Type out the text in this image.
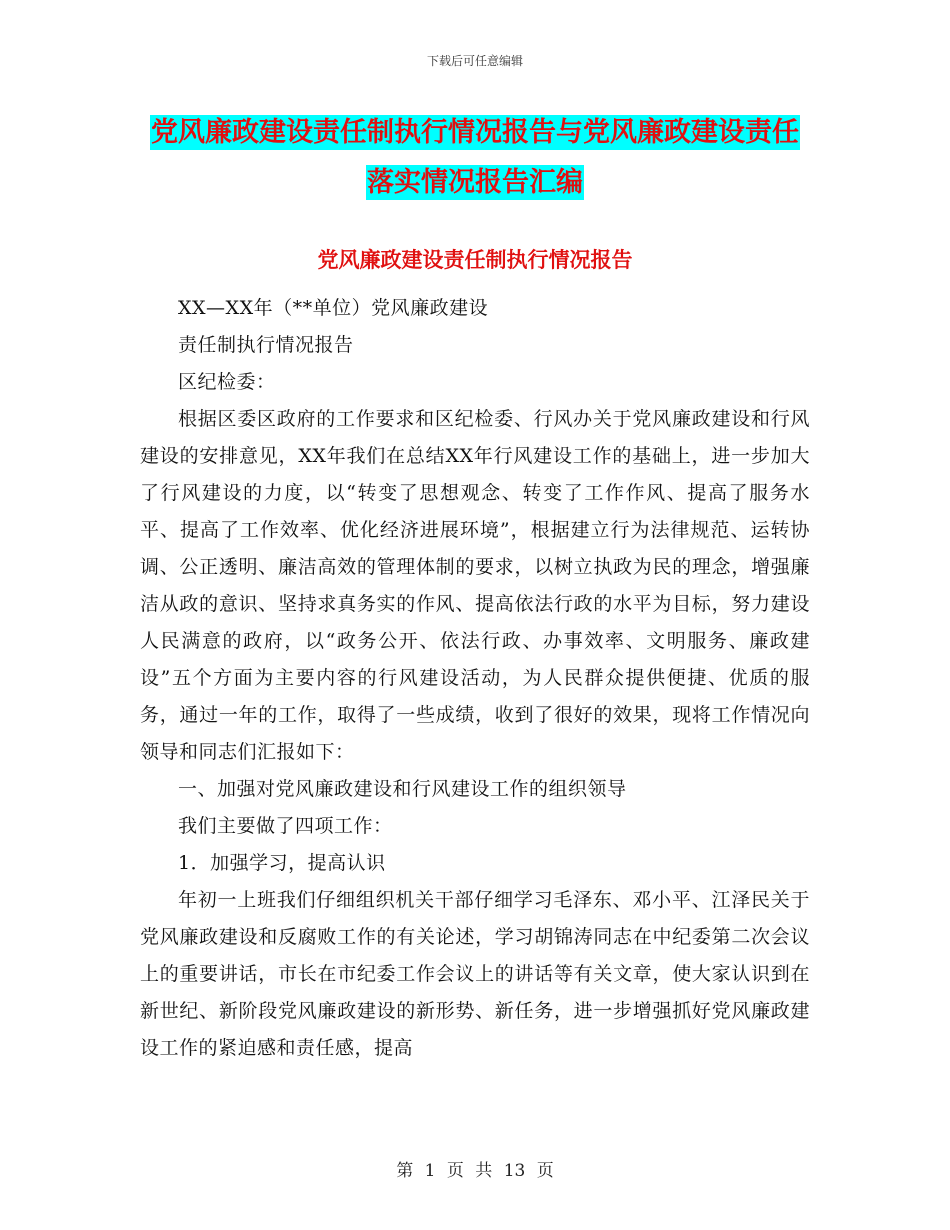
下载后可任意编辑
党风廉政建设责任制执行情况报告与党风廉政建设责任落实情况报告汇编
党风廉政建设责任制执行情况报告

XX—XX年（**单位）党风廉政建设

责任制执行情况报告

区纪检委：

根据区委区政府的工作要求和区纪检委、行风办关于党风廉政建设和行风建设的安排意见，XX年我们在总结XX年行风建设工作的基础上，进一步加大了行风建设的力度，以“转变了思想观念、转变了工作作风、提高了服务水平、提高了工作效率、优化经济进展环境”，根据建立行为法律规范、运转协调、公正透明、廉洁高效的管理体制的要求，以树立执政为民的理念，增强廉洁从政的意识、坚持求真务实的作风、提高依法行政的水平为目标，努力建设人民满意的政府，以“政务公开、依法行政、办事效率、文明服务、廉政建设”五个方面为主要内容的行风建设活动，为人民群众提供便捷、优质的服务，通过一年的工作，取得了一些成绩，收到了很好的效果，现将工作情况向领导和同志们汇报如下：

一、加强对党风廉政建设和行风建设工作的组织领导

我们主要做了四项工作：

1．加强学习，提高认识

年初一上班我们仔细组织机关干部仔细学习毛泽东、邓小平、江泽民关于党风廉政建设和反腐败工作的有关论述，学习胡锦涛同志在中纪委第二次会议上的重要讲话，市长在市纪委工作会议上的讲话等有关文章，使大家认识到在新世纪、新阶段党风廉政建设的新形势、新任务，进一步增强抓好党风廉政建设工作的紧迫感和责任感，提高

第 1 页 共 13 页
